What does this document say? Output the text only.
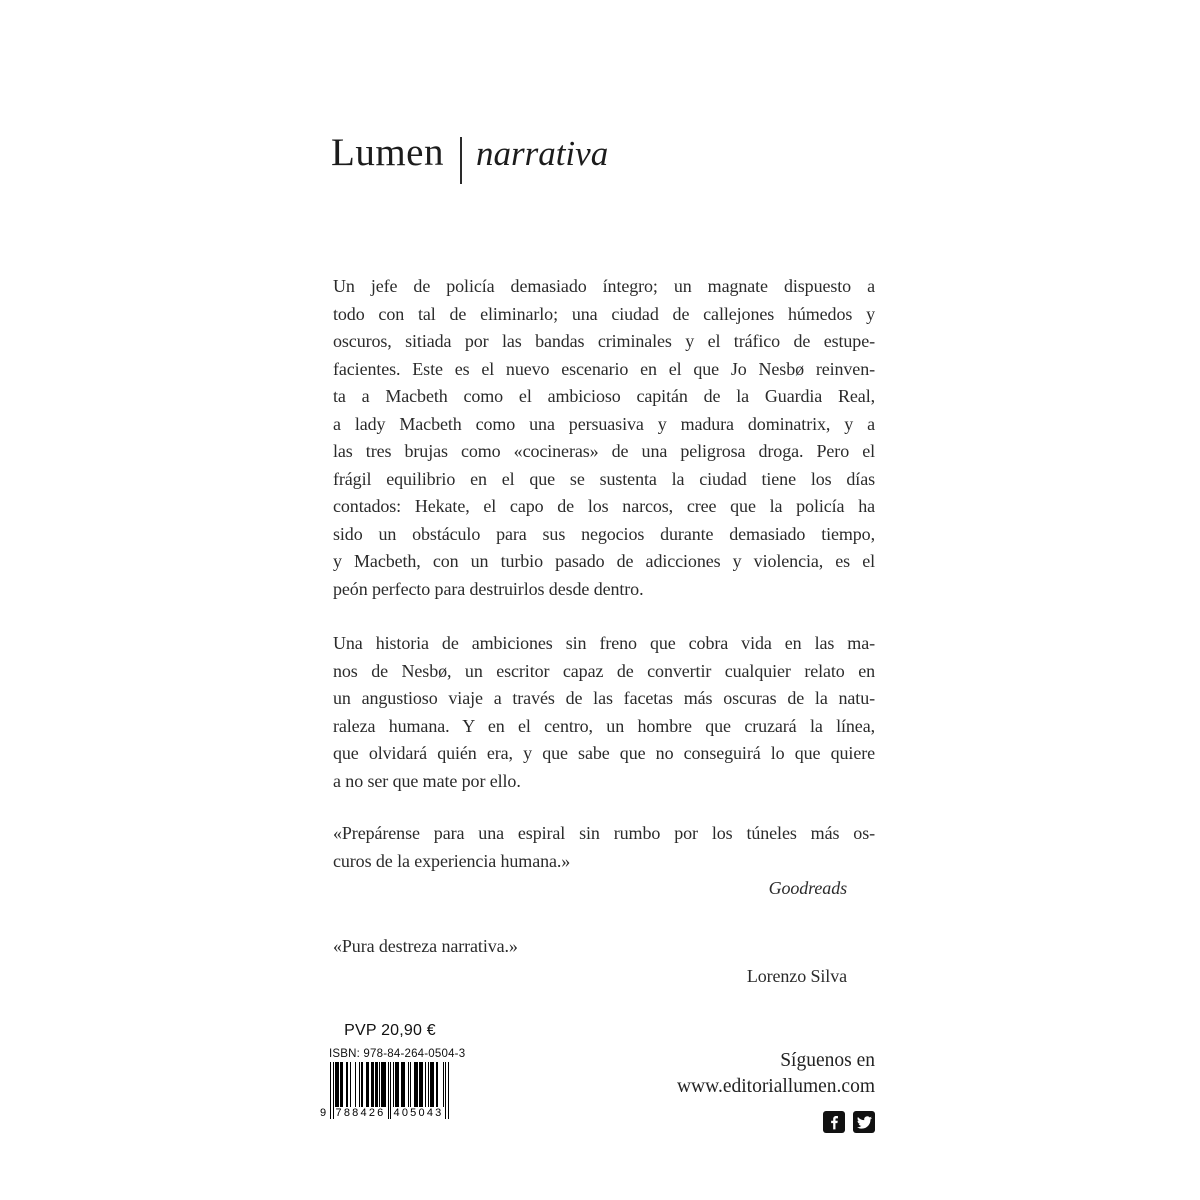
Lumen narrativa
Un jefe de policía demasiado íntegro; un magnate dispuesto a
todo con tal de eliminarlo; una ciudad de callejones húmedos y
oscuros, sitiada por las bandas criminales y el tráfico de estupe-
facientes. Este es el nuevo escenario en el que Jo Nesbø reinven-
ta a Macbeth como el ambicioso capitán de la Guardia Real,
a lady Macbeth como una persuasiva y madura dominatrix, y a
las tres brujas como «cocineras» de una peligrosa droga. Pero el
frágil equilibrio en el que se sustenta la ciudad tiene los días
contados: Hekate, el capo de los narcos, cree que la policía ha
sido un obstáculo para sus negocios durante demasiado tiempo,
y Macbeth, con un turbio pasado de adicciones y violencia, es el
peón perfecto para destruirlos desde dentro.
Una historia de ambiciones sin freno que cobra vida en las ma-
nos de Nesbø, un escritor capaz de convertir cualquier relato en
un angustioso viaje a través de las facetas más oscuras de la natu-
raleza humana. Y en el centro, un hombre que cruzará la línea,
que olvidará quién era, y que sabe que no conseguirá lo que quiere
a no ser que mate por ello.
«Prepárense para una espiral sin rumbo por los túneles más os-
curos de la experiencia humana.»
Goodreads
«Pura destreza narrativa.»
Lorenzo Silva
PVP 20,90 €
ISBN: 978-84-264-0504-3
9 788426 405043
Síguenos en
www.editoriallumen.com
